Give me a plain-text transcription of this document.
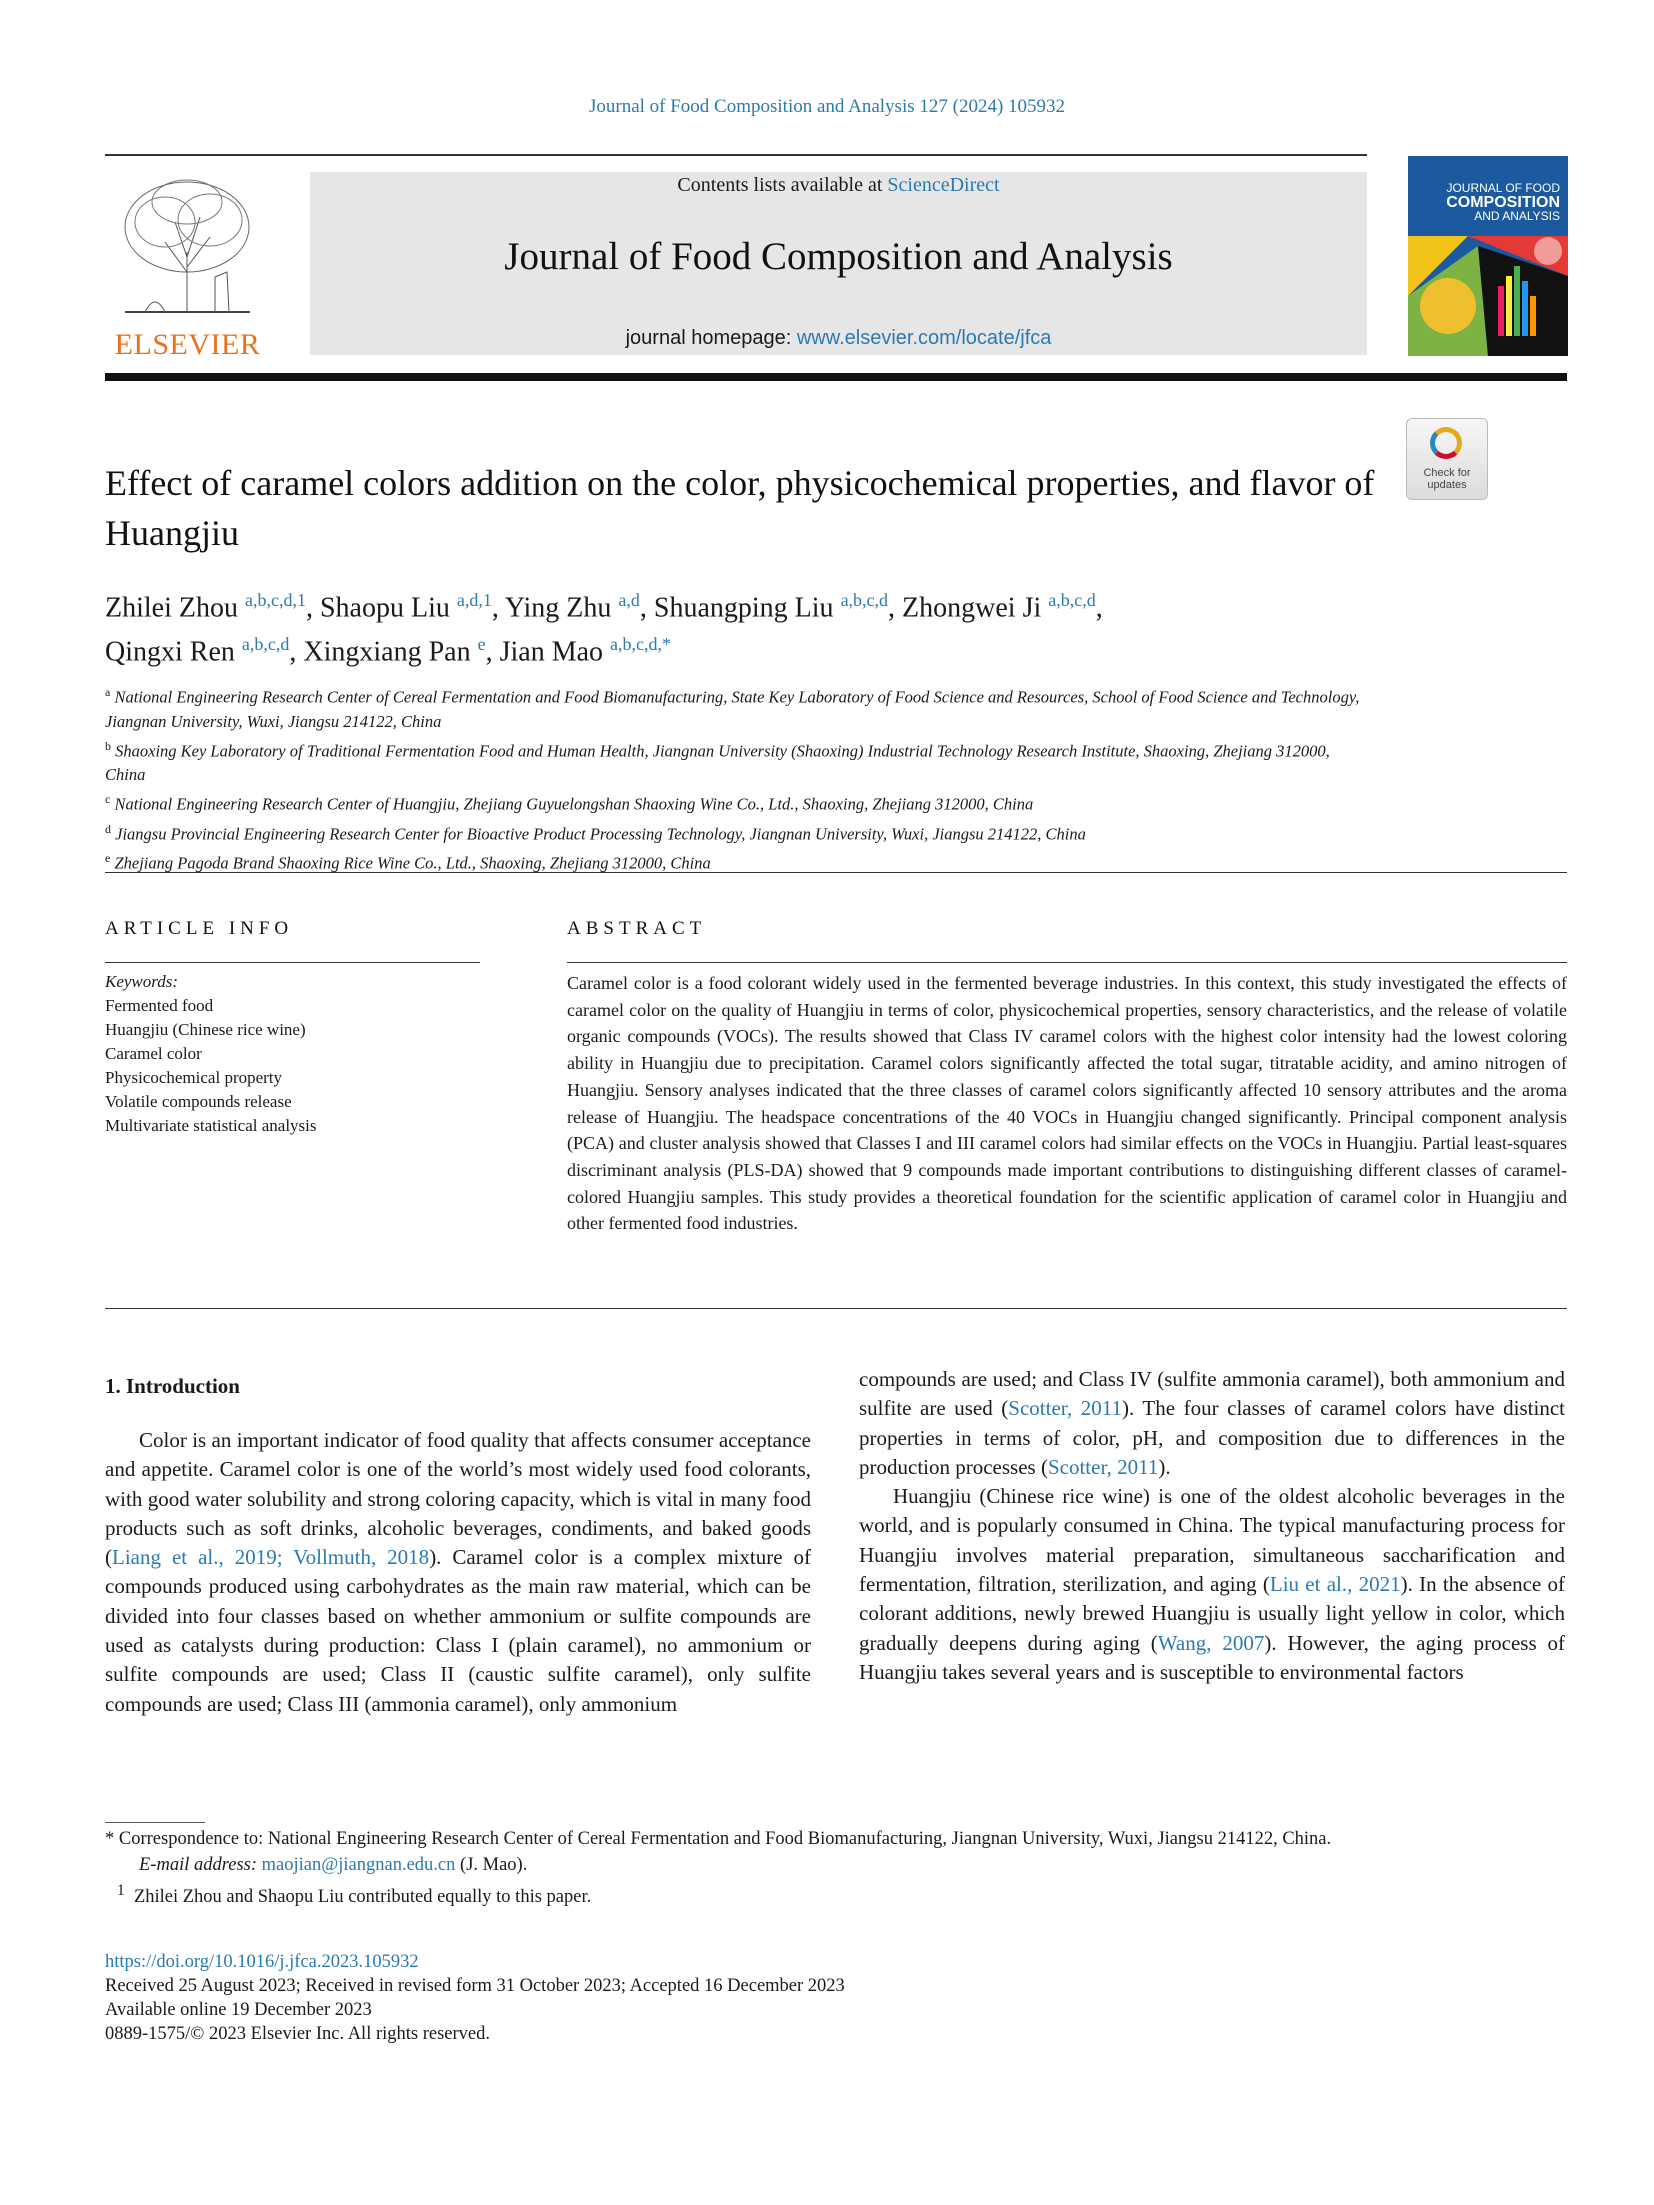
Journal of Food Composition and Analysis 127 (2024) 105932
ELSEVIER
Contents lists available at ScienceDirect
Journal of Food Composition and Analysis
journal homepage: www.elsevier.com/locate/jfca
JOURNAL OF FOOD
COMPOSITION
AND ANALYSIS
Check for updates
Effect of caramel colors addition on the color, physicochemical properties, and flavor of Huangjiu
Zhilei Zhou $^{a,b,c,d,1}$, Shaopu Liu $^{a,d,1}$, Ying Zhu $^{a,d}$, Shuangping Liu $^{a,b,c,d}$, Zhongwei Ji $^{a,b,c,d}$,
Qingxi Ren $^{a,b,c,d}$, Xingxiang Pan $^e$, Jian Mao $^{a,b,c,d,*}$

$^a$ National Engineering Research Center of Cereal Fermentation and Food Biomanufacturing, State Key Laboratory of Food Science and Resources, School of Food Science and Technology, Jiangnan University, Wuxi, Jiangsu 214122, China

$^b$ Shaoxing Key Laboratory of Traditional Fermentation Food and Human Health, Jiangnan University (Shaoxing) Industrial Technology Research Institute, Shaoxing, Zhejiang 312000, China

$^c$ National Engineering Research Center of Huangjiu, Zhejiang Guyuelongshan Shaoxing Wine Co., Ltd., Shaoxing, Zhejiang 312000, China

$^d$ Jiangsu Provincial Engineering Research Center for Bioactive Product Processing Technology, Jiangnan University, Wuxi, Jiangsu 214122, China

$^e$ Zhejiang Pagoda Brand Shaoxing Rice Wine Co., Ltd., Shaoxing, Zhejiang 312000, China

ARTICLE INFO	ABSTRACT
Keywords:
Fermented food
Huangjiu (Chinese rice wine)
Caramel color
Physicochemical property
Volatile compounds release
Multivariate statistical analysis
Caramel color is a food colorant widely used in the fermented beverage industries. In this context, this study investigated the effects of caramel color on the quality of Huangjiu in terms of color, physicochemical properties, sensory characteristics, and the release of volatile organic compounds (VOCs). The results showed that Class IV caramel colors with the highest color intensity had the lowest coloring ability in Huangjiu due to precipitation. Caramel colors significantly affected the total sugar, titratable acidity, and amino nitrogen of Huangjiu. Sensory analyses indicated that the three classes of caramel colors significantly affected 10 sensory attributes and the aroma release of Huangjiu. The headspace concentrations of the 40 VOCs in Huangjiu changed significantly. Principal component analysis (PCA) and cluster analysis showed that Classes I and III caramel colors had similar effects on the VOCs in Huangjiu. Partial least-squares discriminant analysis (PLS-DA) showed that 9 compounds made important contributions to distinguishing different classes of caramel-colored Huangjiu samples. This study provides a theoretical foundation for the scientific application of caramel color in Huangjiu and other fermented food industries.
1. Introduction

Color is an important indicator of food quality that affects consumer acceptance and appetite. Caramel color is one of the world’s most widely used food colorants, with good water solubility and strong coloring capacity, which is vital in many food products such as soft drinks, alcoholic beverages, condiments, and baked goods (Liang et al., 2019; Vollmuth, 2018). Caramel color is a complex mixture of compounds produced using carbohydrates as the main raw material, which can be divided into four classes based on whether ammonium or sulfite compounds are used as catalysts during production: Class I (plain caramel), no ammonium or sulfite compounds are used; Class II (caustic sulfite caramel), only sulfite compounds are used; Class III (ammonia caramel), only ammonium

compounds are used; and Class IV (sulfite ammonia caramel), both ammonium and sulfite are used (Scotter, 2011). The four classes of caramel colors have distinct properties in terms of color, pH, and composition due to differences in the production processes (Scotter, 2011).

Huangjiu (Chinese rice wine) is one of the oldest alcoholic beverages in the world, and is popularly consumed in China. The typical manufacturing process for Huangjiu involves material preparation, simultaneous saccharification and fermentation, filtration, sterilization, and aging (Liu et al., 2021). In the absence of colorant additions, newly brewed Huangjiu is usually light yellow in color, which gradually deepens during aging (Wang, 2007). However, the aging process of Huangjiu takes several years and is susceptible to environmental factors

* Correspondence to: National Engineering Research Center of Cereal Fermentation and Food Biomanufacturing, Jiangnan University, Wuxi, Jiangsu 214122, China.

E-mail address: maojian@jiangnan.edu.cn (J. Mao).

$^1$ Zhilei Zhou and Shaopu Liu contributed equally to this paper.

https://doi.org/10.1016/j.jfca.2023.105932

Received 25 August 2023; Received in revised form 31 October 2023; Accepted 16 December 2023

Available online 19 December 2023

0889-1575/© 2023 Elsevier Inc. All rights reserved.
